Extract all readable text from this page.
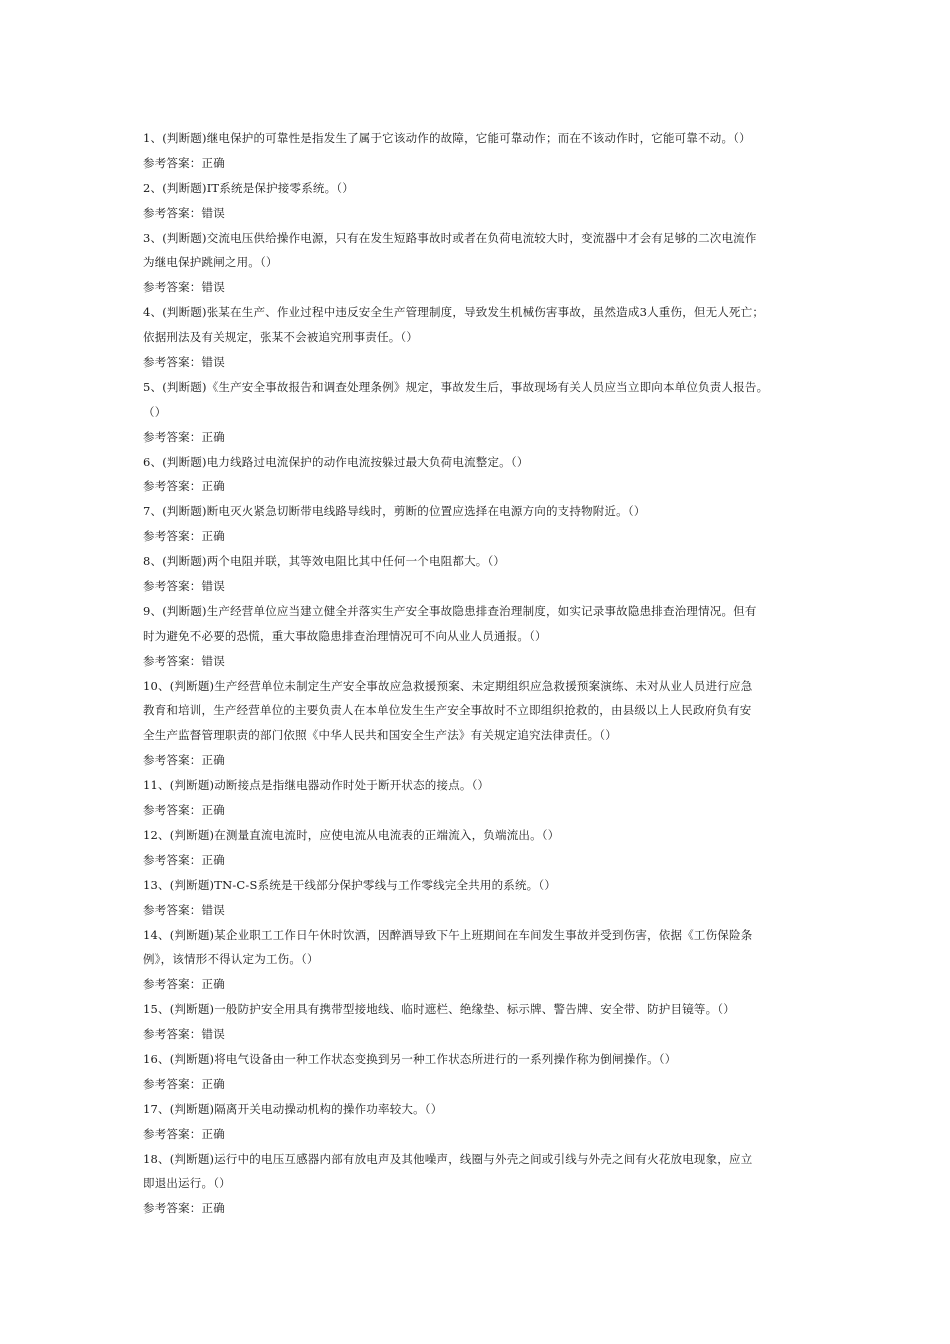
1、(判断题)继电保护的可靠性是指发生了属于它该动作的故障，它能可靠动作；而在不该动作时，它能可靠不动。（）
参考答案：正确
2、(判断题)IT系统是保护接零系统。（）
参考答案：错误
3、(判断题)交流电压供给操作电源，只有在发生短路事故时或者在负荷电流较大时，变流器中才会有足够的二次电流作
为继电保护跳闸之用。（）
参考答案：错误
4、(判断题)张某在生产、作业过程中违反安全生产管理制度，导致发生机械伤害事故，虽然造成3人重伤，但无人死亡；
依据刑法及有关规定，张某不会被追究刑事责任。（）
参考答案：错误
5、(判断题)《生产安全事故报告和调查处理条例》规定，事故发生后，事故现场有关人员应当立即向本单位负责人报告。
（）
参考答案：正确
6、(判断题)电力线路过电流保护的动作电流按躲过最大负荷电流整定。（）
参考答案：正确
7、(判断题)断电灭火紧急切断带电线路导线时，剪断的位置应选择在电源方向的支持物附近。（）
参考答案：正确
8、(判断题)两个电阻并联，其等效电阻比其中任何一个电阻都大。（）
参考答案：错误
9、(判断题)生产经营单位应当建立健全并落实生产安全事故隐患排查治理制度，如实记录事故隐患排查治理情况。但有
时为避免不必要的恐慌，重大事故隐患排查治理情况可不向从业人员通报。（）
参考答案：错误
10、(判断题)生产经营单位未制定生产安全事故应急救援预案、未定期组织应急救援预案演练、未对从业人员进行应急
教育和培训，生产经营单位的主要负责人在本单位发生生产安全事故时不立即组织抢救的，由县级以上人民政府负有安
全生产监督管理职责的部门依照《中华人民共和国安全生产法》有关规定追究法律责任。（）
参考答案：正确
11、(判断题)动断接点是指继电器动作时处于断开状态的接点。（）
参考答案：正确
12、(判断题)在测量直流电流时，应使电流从电流表的正端流入，负端流出。（）
参考答案：正确
13、(判断题)TN-C-S系统是干线部分保护零线与工作零线完全共用的系统。（）
参考答案：错误
14、(判断题)某企业职工工作日午休时饮酒，因醉酒导致下午上班期间在车间发生事故并受到伤害，依据《工伤保险条
例》，该情形不得认定为工伤。（）
参考答案：正确
15、(判断题)一般防护安全用具有携带型接地线、临时遮栏、绝缘垫、标示牌、警告牌、安全带、防护目镜等。（）
参考答案：错误
16、(判断题)将电气设备由一种工作状态变换到另一种工作状态所进行的一系列操作称为倒闸操作。（）
参考答案：正确
17、(判断题)隔离开关电动操动机构的操作功率较大。（）
参考答案：正确
18、(判断题)运行中的电压互感器内部有放电声及其他噪声，线圈与外壳之间或引线与外壳之间有火花放电现象，应立
即退出运行。（）
参考答案：正确
